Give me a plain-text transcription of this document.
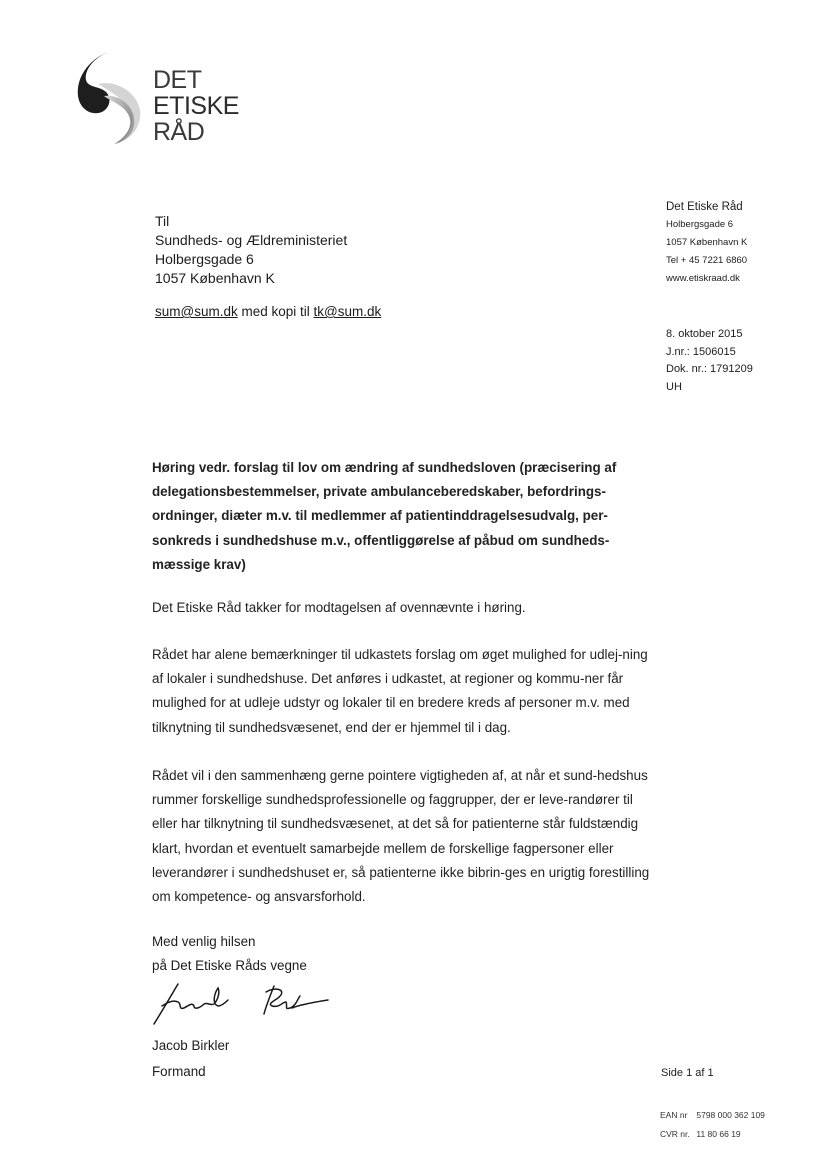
DET
ETISKE
RÅD
Til
Sundheds- og Ældreministeriet
Holbergsgade 6
1057 København K
sum@sum.dk med kopi til tk@sum.dk
Det Etiske Råd
Holbergsgade 6
1057 København K
Tel + 45 7221 6860
www.etiskraad.dk
8. oktober 2015
J.nr.: 1506015
Dok. nr.: 1791209
UH
Høring vedr. forslag til lov om ændring af sundhedsloven (præcisering af delegationsbestemmelser, private ambulanceberedskaber, befordrings-ordninger, diæter m.v. til medlemmer af patientinddragelsesudvalg, per-sonkreds i sundhedshuse m.v., offentliggørelse af påbud om sundheds-mæssige krav)
Det Etiske Råd takker for modtagelsen af ovennævnte i høring.
Rådet har alene bemærkninger til udkastets forslag om øget mulighed for udlej-ning af lokaler i sundhedshuse. Det anføres i udkastet, at regioner og kommu-ner får mulighed for at udleje udstyr og lokaler til en bredere kreds af personer m.v. med tilknytning til sundhedsvæsenet, end der er hjemmel til i dag.
Rådet vil i den sammenhæng gerne pointere vigtigheden af, at når et sund-hedshus rummer forskellige sundhedsprofessionelle og faggrupper, der er leve-randører til eller har tilknytning til sundhedsvæsenet, at det så for patienterne står fuldstændig klart, hvordan et eventuelt samarbejde mellem de forskellige fagpersoner eller leverandører i sundhedshuset er, så patienterne ikke bibrin-ges en urigtig forestilling om kompetence- og ansvarsforhold.
Med venlig hilsen
på Det Etiske Råds vegne
Jacob Birkler
Formand	Side 1 af 1
EAN nr 5798 000 362 109
CVR nr. 11 80 66 19
